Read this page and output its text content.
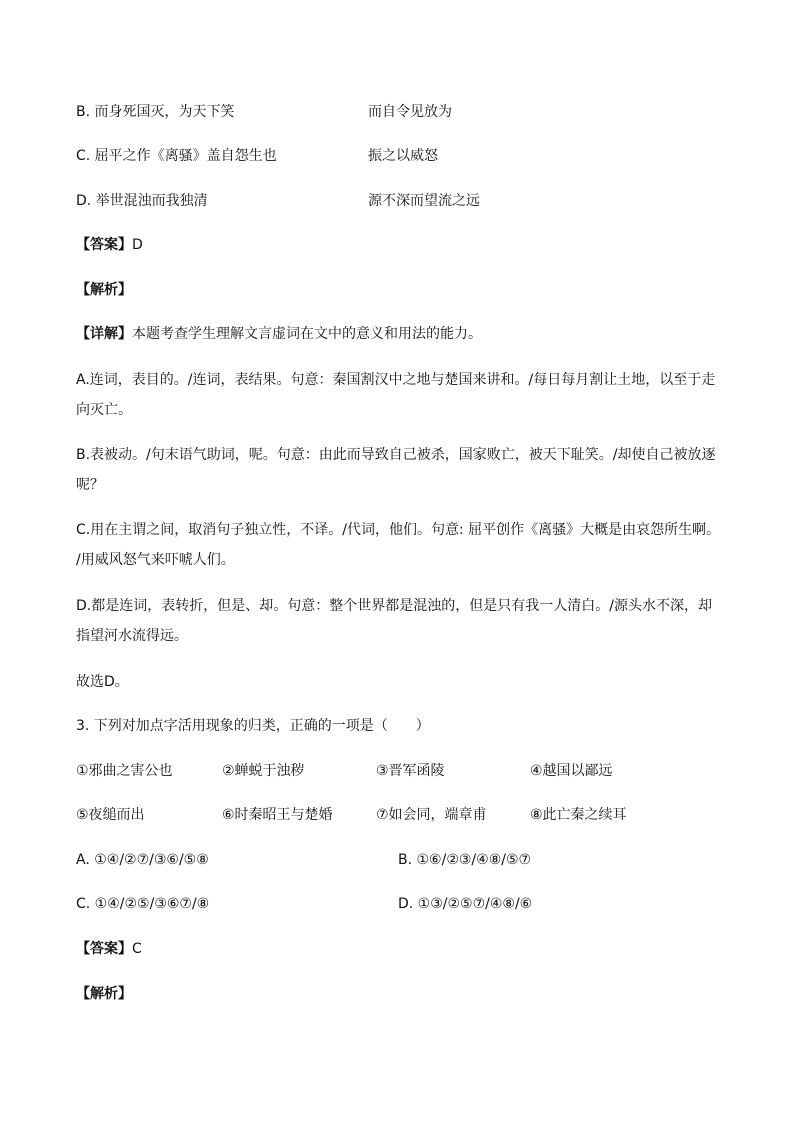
B. 而身死国灭，为天下笑	而自令见放为
C. 屈平之作《离骚》盖自怨生也	振之以威怒
D. 举世混浊而我独清	源不深而望流之远
【答案】D
【解析】
【详解】本题考查学生理解文言虚词在文中的意义和用法的能力。
A.连词，表目的。/连词，表结果。句意：秦国割汉中之地与楚国来讲和。/每日每月割让土地，以至于走
向灭亡。
B.表被动。/句末语气助词，呢。句意：由此而导致自己被杀，国家败亡，被天下耻笑。/却使自己被放逐
呢？
C.用在主谓之间，取消句子独立性，不译。/代词，他们。句意: 屈平创作《离骚》大概是由哀怨所生啊。
/用威风怒气来吓唬人们。
D.都是连词，表转折，但是、却。句意：整个世界都是混浊的，但是只有我一人清白。/源头水不深，却
指望河水流得远。
故选D。
3. 下列对加点字活用现象的归类，正确的一项是（　　）
①邪曲之害公也	②蝉蜕于浊秽	③晋军函陵	④越国以鄙远
⑤夜缒而出	⑥时秦昭王与楚婚	⑦如会同，端章甫	⑧此亡秦之续耳
A. ①④/②⑦/③⑥/⑤⑧	B. ①⑥/②③/④⑧/⑤⑦
C. ①④/②⑤/③⑥⑦/⑧	D. ①③/②⑤⑦/④⑧/⑥
【答案】C
【解析】
